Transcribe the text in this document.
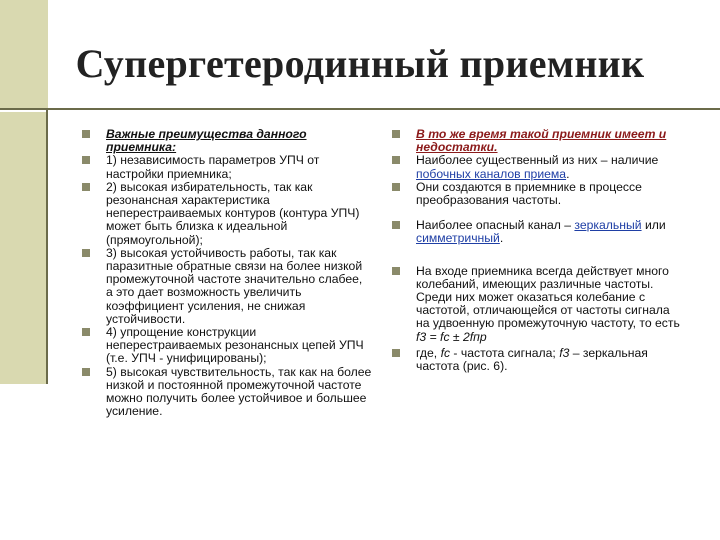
Супергетеродинный приемник
Важные преимущества данного приемника:
1) независимость параметров УПЧ от настройки приемника;
2) высокая избирательность, так как резонансная характеристика неперестраиваемых контуров (контура УПЧ) может быть близка к идеальной (прямоугольной);
3) высокая устойчивость работы, так как паразитные обратные связи на более низкой промежуточной частоте значительно слабее, а это дает возможность увеличить коэффициент усиления, не снижая устойчивости.
4) упрощение конструкции неперестраиваемых резонансных цепей УПЧ (т.е. УПЧ - унифицированы);
5) высокая чувствительность, так как на более низкой и постоянной промежуточной частоте можно получить более устойчивое и большее усиление.
В то же время такой приемник имеет и недостатки.
Наиболее существенный из них – наличие побочных каналов приема.
Они создаются в приемнике в процессе преобразования частоты.
Наиболее опасный канал – зеркальный или симметричный.
На входе приемника всегда действует много колебаний, имеющих различные частоты. Среди них может оказаться колебание с частотой, отличающейся от частоты сигнала на удвоенную промежуточную частоту, то есть f3 = fc ± 2fпр
где, fc - частота сигнала; f3 – зеркальная частота (рис. 6).
